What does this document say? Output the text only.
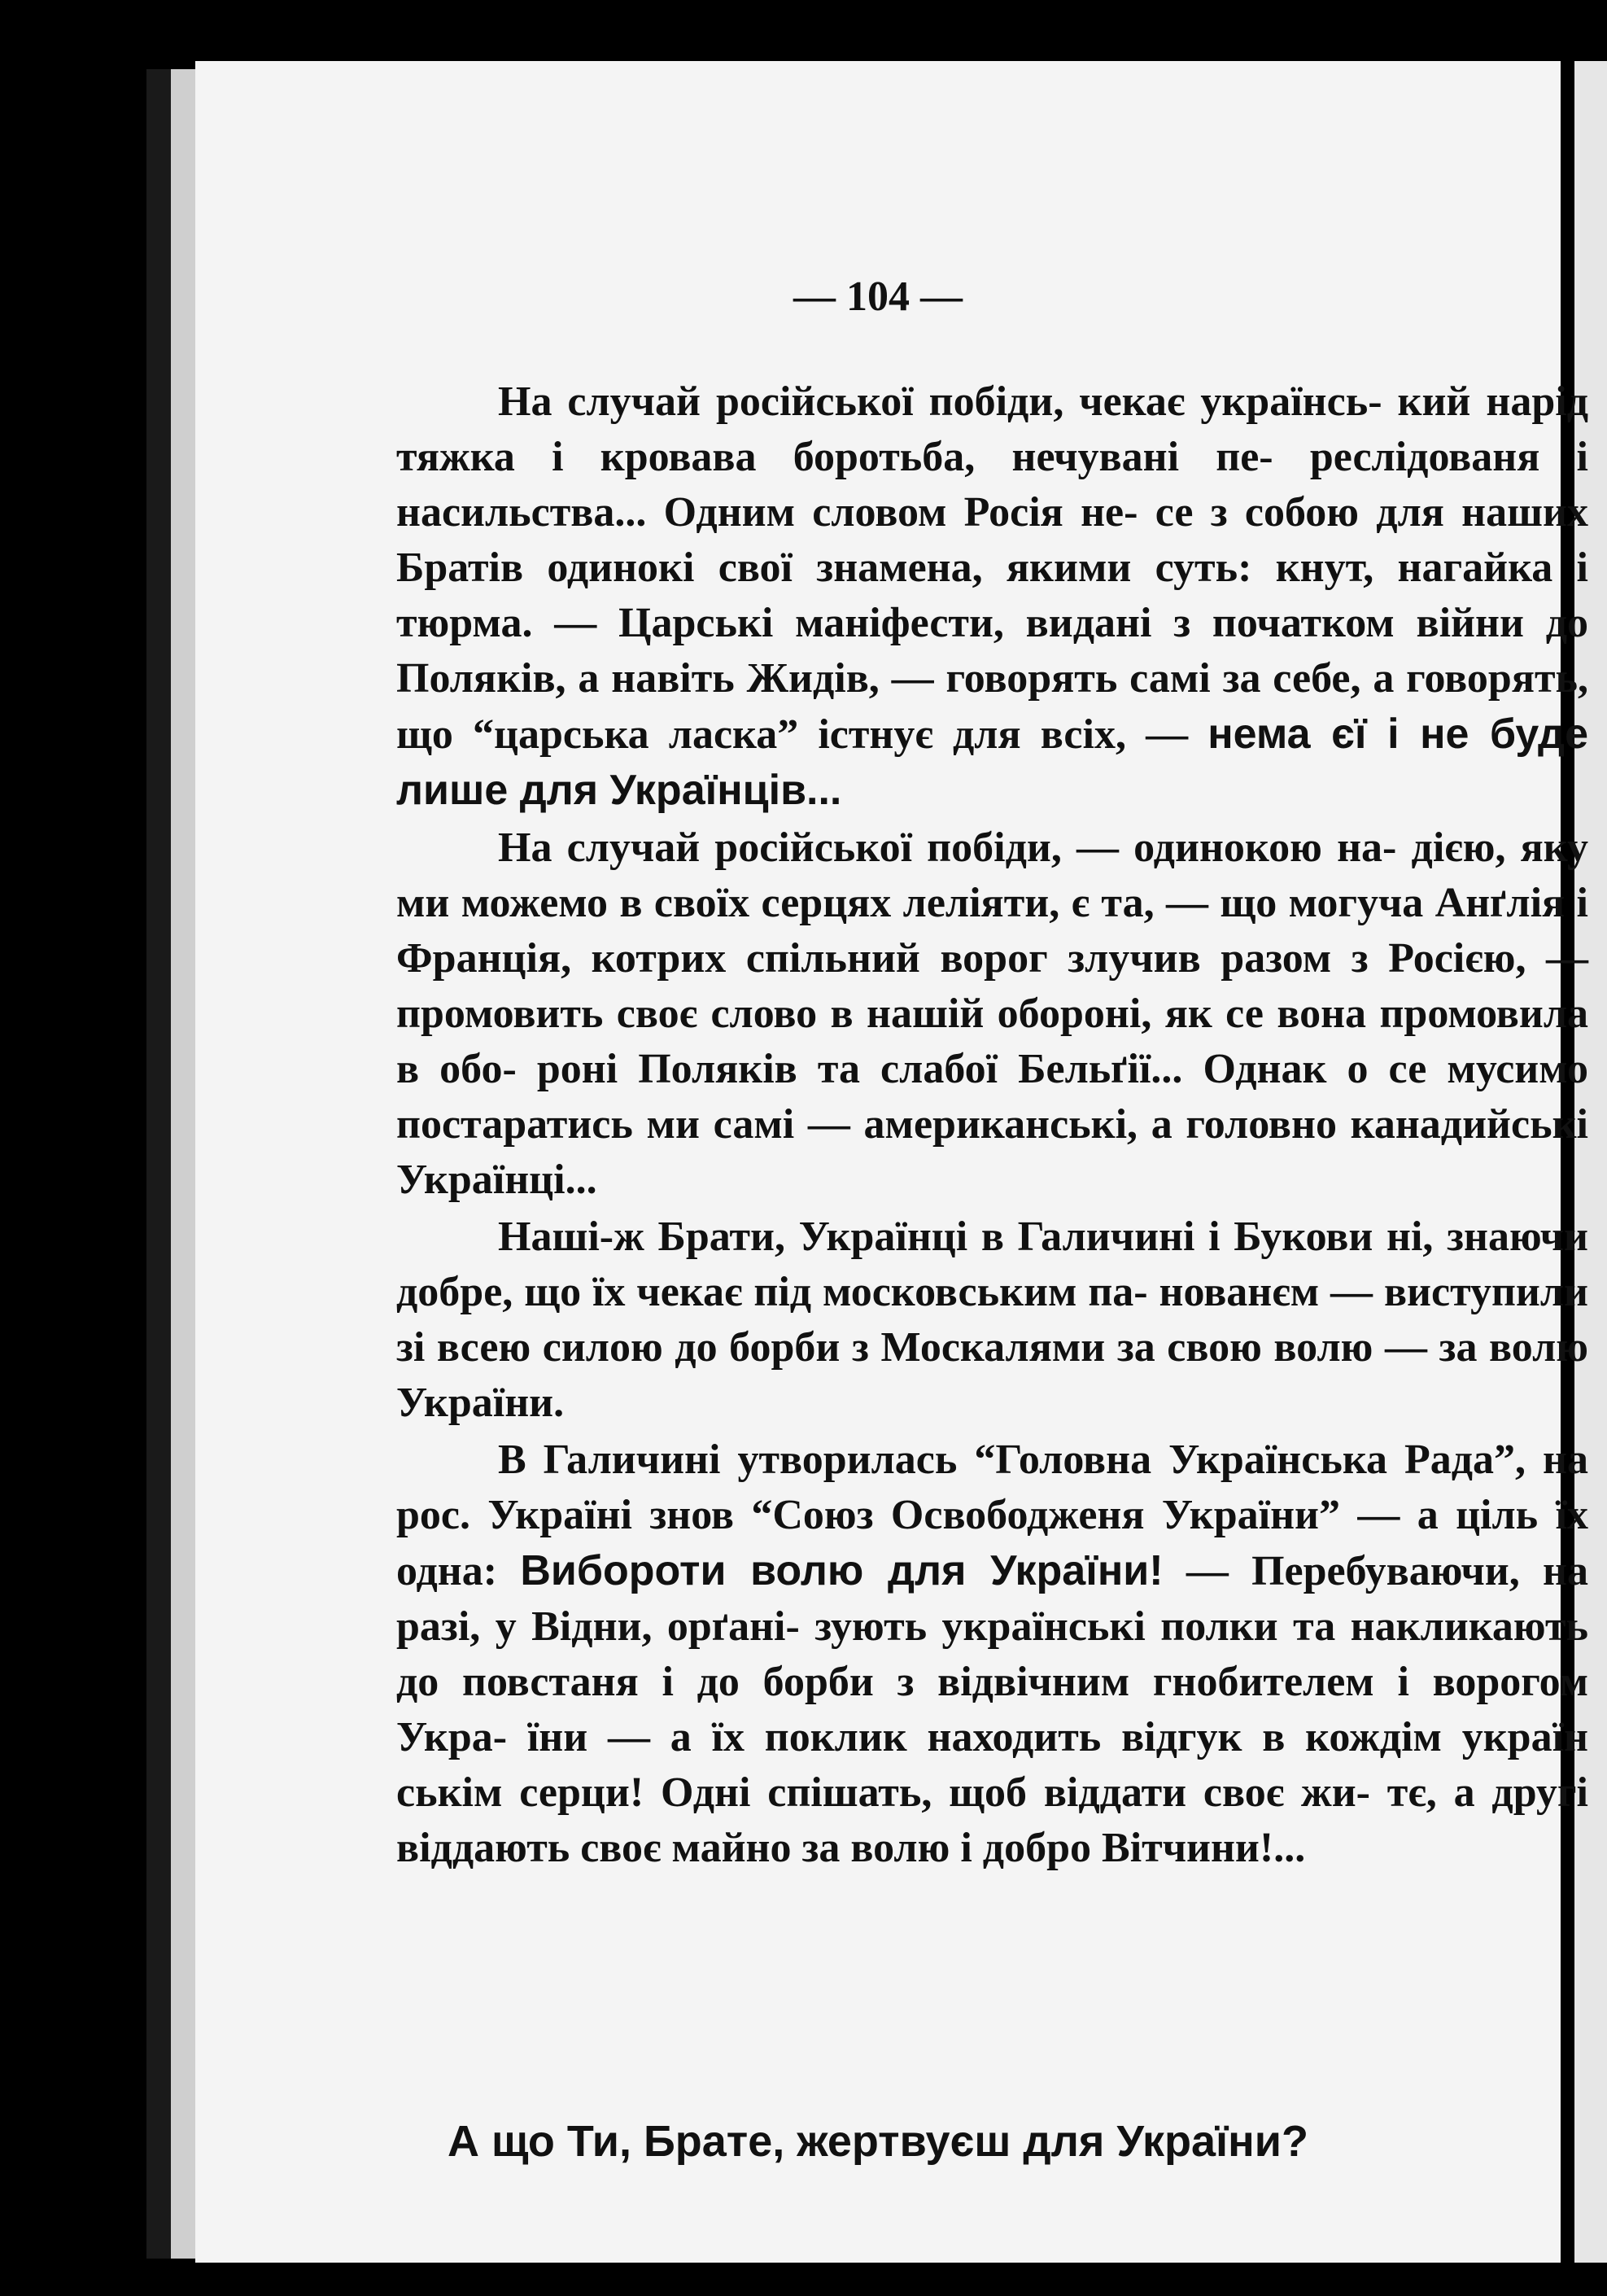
— 104 —

На случай російської побіди, чекає українсь- кий нарід тяжка і кровава боротьба, нечувані пе- реслідованя і насильства... Одним словом Росія не- се з собою для наших Братів одинокі свої знамена, якими суть: кнут, нагайка і тюрма. — Царські маніфести, видані з початком війни до Поляків, а навіть Жидів, — говорять самі за себе, а говорять, що “царська ласка” істнує для всіх, — нема єї і не буде лише для Українців...

На случай російської побіди, — одинокою на- дією, яку ми можемо в своїх серцях леліяти, є та, — що могуча Анґлія і Франція, котрих спільний ворог злучив разом з Росією, — промовить своє слово в нашій обороні, як се вона промовила в обо- роні Поляків та слабої Бельґії... Однак о се мусимо постаратись ми самі — американські, а головно канадийські Українці...

Наші-ж Брати, Українці в Галичині і Букови ні, знаючи добре, що їх чекає під московським па- нованєм — виступили зі всею силою до борби з Москалями за свою волю — за волю України.

В Галичині утворилась “Головна Українська Рада”, на рос. Україні знов “Союз Освободженя України” — а ціль їх одна: Вибороти волю для України! — Перебуваючи, на разі, у Відни, орґані- зують українські полки та накликають до повстаня і до борби з відвічним гнобителем і ворогом Укра- ïни — а їх поклик находить відгук в кождім україн ськім серци! Одні спішать, щоб віддати своє жи- тє, а другі віддають своє майно за волю і добро Вітчини!...

А що Ти, Брате, жертвуєш для України?
